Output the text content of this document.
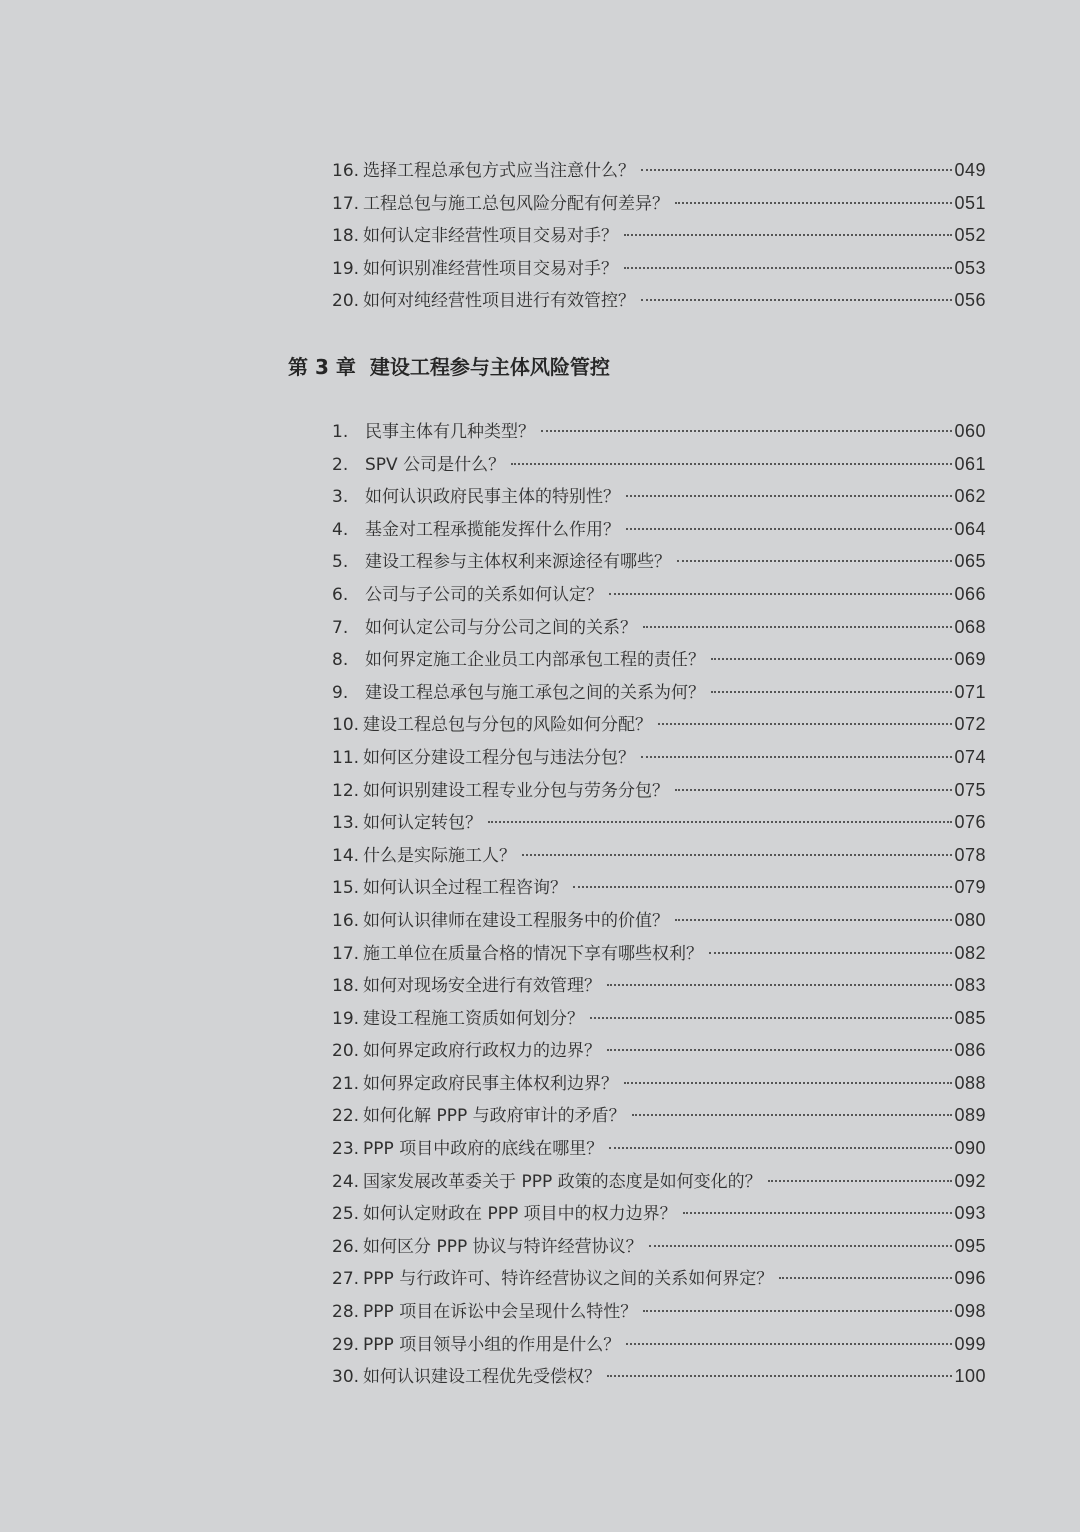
16. 选择工程总承包方式应当注意什么？	049
17. 工程总包与施工总包风险分配有何差异？	051
18. 如何认定非经营性项目交易对手？	052
19. 如何识别准经营性项目交易对手？	053
20. 如何对纯经营性项目进行有效管控？	056
第 3 章 建设工程参与主体风险管控
1. 民事主体有几种类型？	060
2. SPV 公司是什么？	061
3. 如何认识政府民事主体的特别性？	062
4. 基金对工程承揽能发挥什么作用？	064
5. 建设工程参与主体权利来源途径有哪些？	065
6. 公司与子公司的关系如何认定？	066
7. 如何认定公司与分公司之间的关系？	068
8. 如何界定施工企业员工内部承包工程的责任？	069
9. 建设工程总承包与施工承包之间的关系为何？	071
10. 建设工程总包与分包的风险如何分配？	072
11. 如何区分建设工程分包与违法分包？	074
12. 如何识别建设工程专业分包与劳务分包？	075
13. 如何认定转包？	076
14. 什么是实际施工人？	078
15. 如何认识全过程工程咨询？	079
16. 如何认识律师在建设工程服务中的价值？	080
17. 施工单位在质量合格的情况下享有哪些权利？	082
18. 如何对现场安全进行有效管理？	083
19. 建设工程施工资质如何划分？	085
20. 如何界定政府行政权力的边界？	086
21. 如何界定政府民事主体权利边界？	088
22. 如何化解 PPP 与政府审计的矛盾？	089
23. PPP 项目中政府的底线在哪里？	090
24. 国家发展改革委关于 PPP 政策的态度是如何变化的？	092
25. 如何认定财政在 PPP 项目中的权力边界？	093
26. 如何区分 PPP 协议与特许经营协议？	095
27. PPP 与行政许可、特许经营协议之间的关系如何界定？	096
28. PPP 项目在诉讼中会呈现什么特性？	098
29. PPP 项目领导小组的作用是什么？	099
30. 如何认识建设工程优先受偿权？	100
